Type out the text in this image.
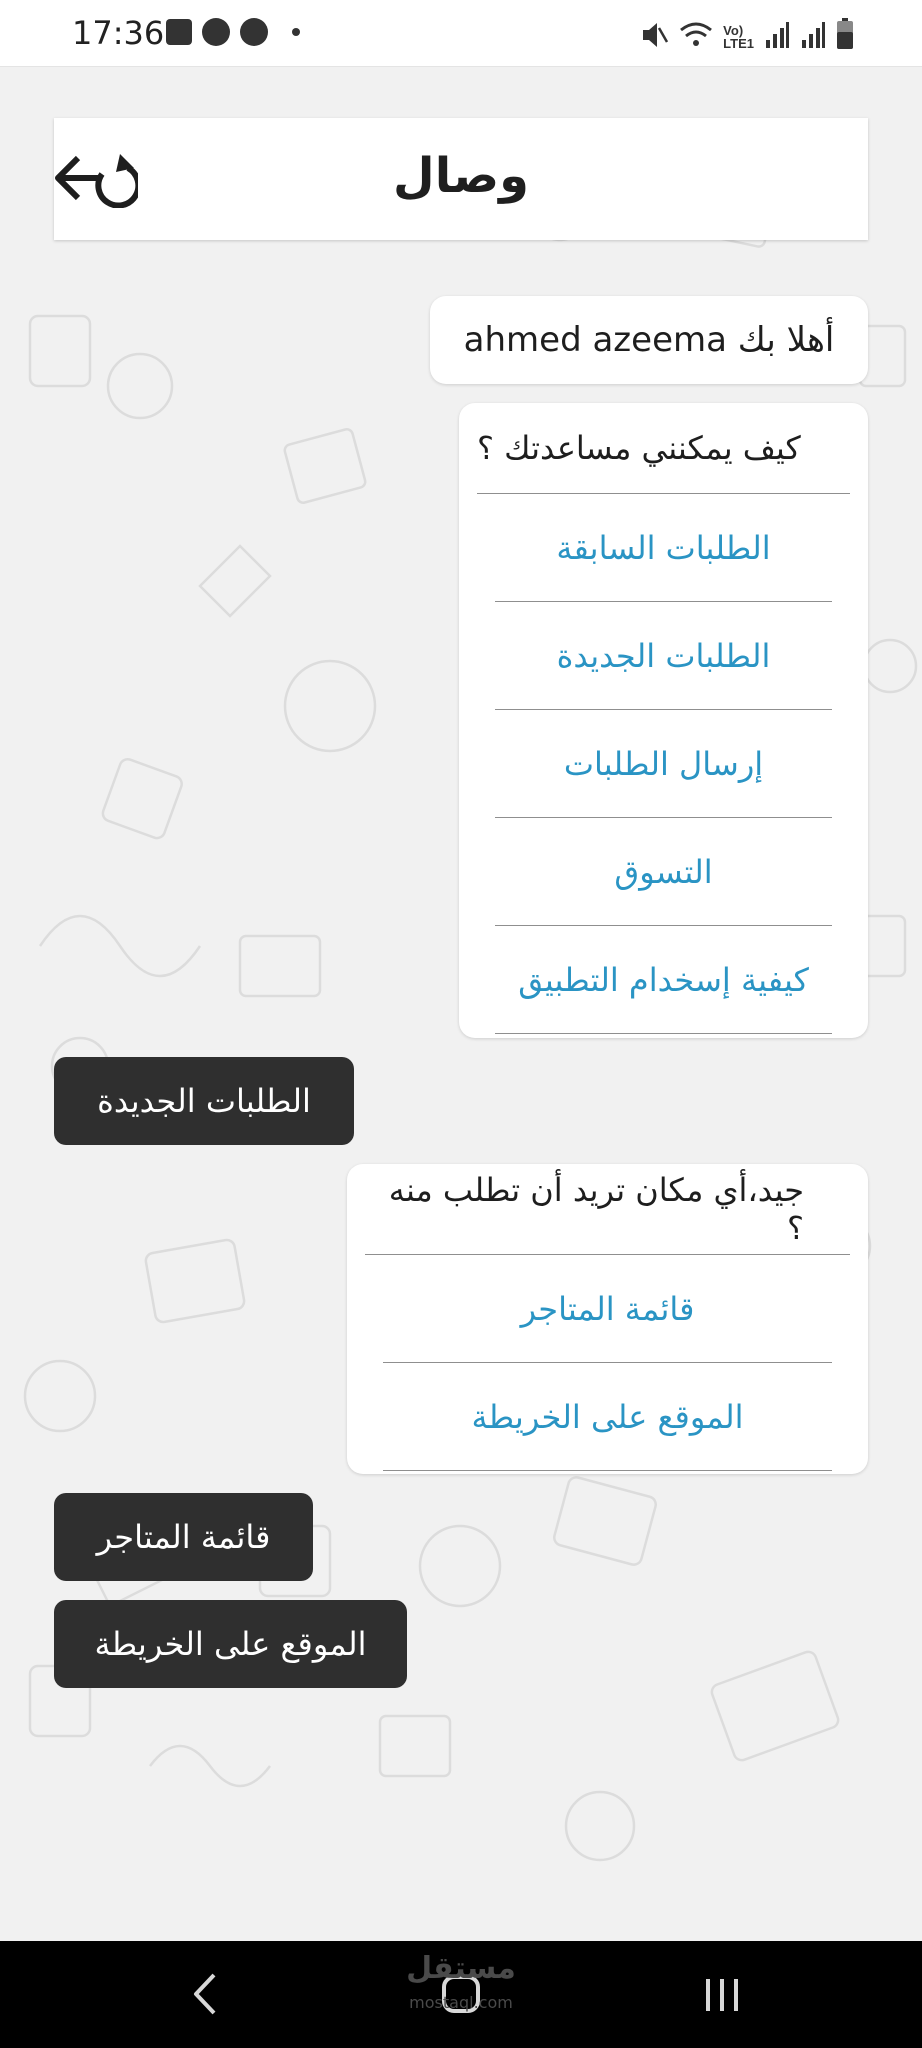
17:36	Vo)
LTE1
وصال
أهلا بك ahmed azeema
كيف يمكنني مساعدتك ؟
الطلبات السابقة
الطلبات الجديدة
إرسال الطلبات
التسوق
كيفية إسخدام التطبيق
الطلبات الجديدة
جيد،أي مكان تريد أن تطلب منه ؟
قائمة المتاجر
الموقع على الخريطة
قائمة المتاجر
الموقع على الخريطة
مستقل
mostaql.com
